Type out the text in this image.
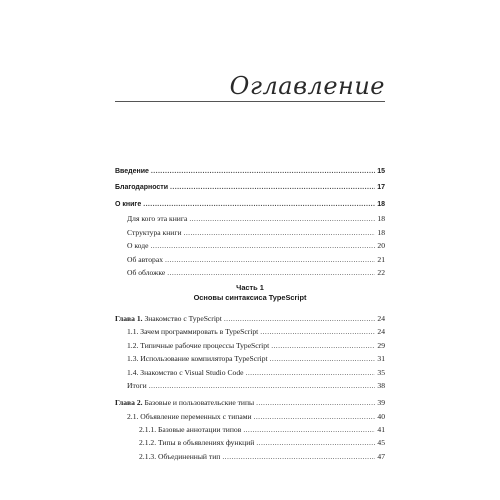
Оглавление
Введение .....	15
Благодарности .....	17
О книге .....	18
Для кого эта книга .....	18
Структура книги .....	18
О коде .....	20
Об авторах .....	21
Об обложке .....	22
Часть 1
Основы синтаксиса TypeScript
Глава 1. Знакомство с TypeScript .....	24
1.1. Зачем программировать в TypeScript .....	24
1.2. Типичные рабочие процессы TypeScript .....	29
1.3. Использование компилятора TypeScript .....	31
1.4. Знакомство с Visual Studio Code .....	35
Итоги .....	38
Глава 2. Базовые и пользовательские типы .....	39
2.1. Объявление переменных с типами .....	40
2.1.1. Базовые аннотации типов .....	41
2.1.2. Типы в объявлениях функций .....	45
2.1.3. Объединенный тип .....	47
